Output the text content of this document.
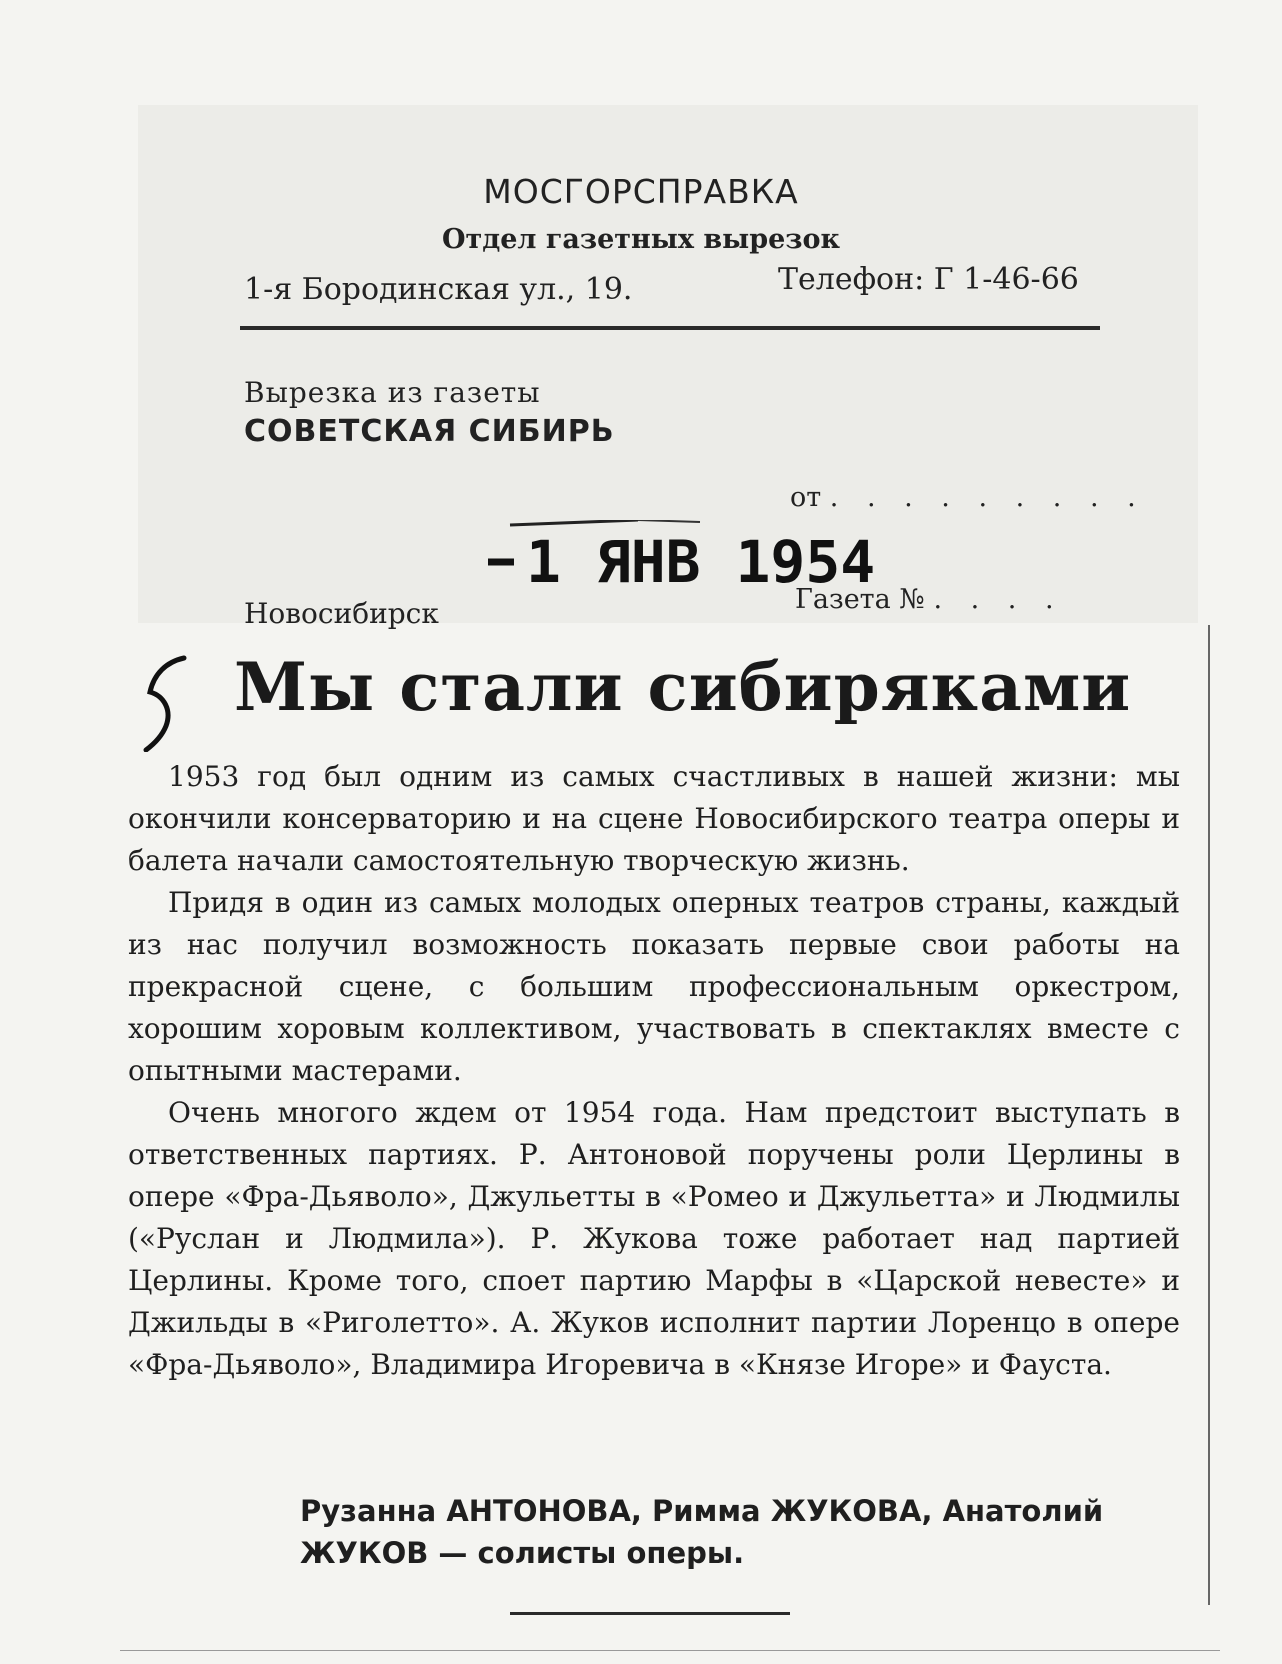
МОСГОРСПРАВКА
Отдел газетных вырезок
1-я Бородинская ул., 19.	Телефон: Г 1-46-66
Вырезка из газеты
СОВЕТСКАЯ СИБИРЬ
от . . . . . . . . .
1 ЯНВ 1954
Новосибирск	Газета № . . . .
Мы стали сибиряками

1953 год был одним из самых счастливых в нашей жизни: мы окончили консерваторию и на сцене Новосибирского театра оперы и балета начали самостоятельную творческую жизнь.

Придя в один из самых молодых оперных театров страны, каждый из нас получил возможность показать первые свои работы на прекрасной сцене, с большим профессиональным оркестром, хорошим хоровым коллективом, участвовать в спектаклях вместе с опытными мастерами.

Очень многого ждем от 1954 года. Нам предстоит выступать в ответственных партиях. Р. Антоновой поручены роли Церлины в опере «Фра-Дьяволо», Джульетты в «Ромео и Джульетта» и Людмилы («Руслан и Людмила»). Р. Жукова тоже работает над партией Церлины. Кроме того, споет партию Марфы в «Царской невесте» и Джильды в «Риголетто». А. Жуков исполнит партии Лоренцо в опере «Фра-Дьяволо», Владимира Игоревича в «Князе Игоре» и Фауста.

Рузанна АНТОНОВА, Римма ЖУКОВА, Анатолий ЖУКОВ — солисты оперы.
